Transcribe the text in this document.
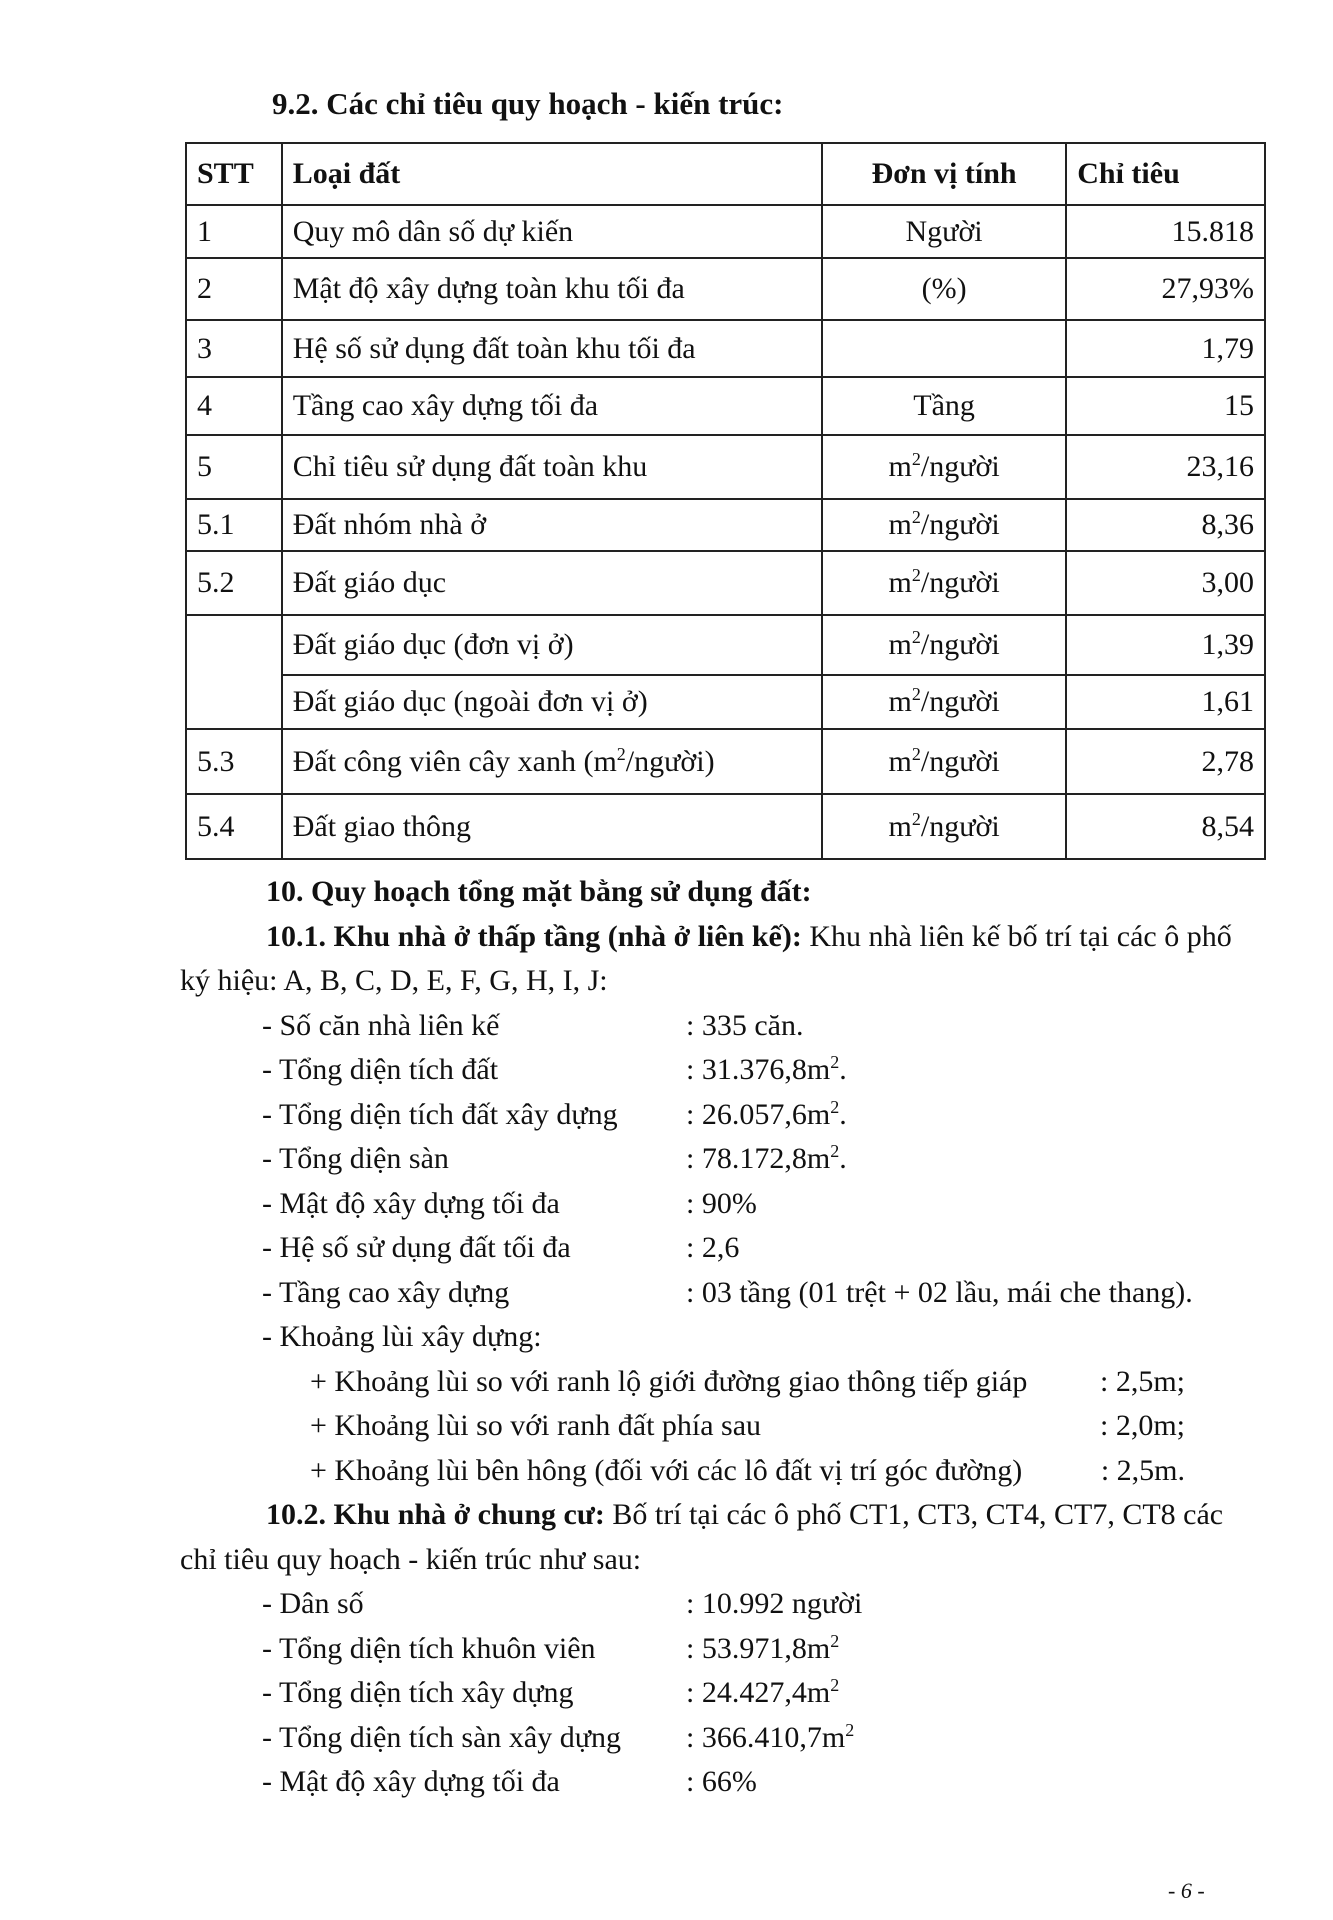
9.2. Các chỉ tiêu quy hoạch - kiến trúc:
STT	Loại đất	Đơn vị tính	Chỉ tiêu
1	Quy mô dân số dự kiến	Người	15.818
2	Mật độ xây dựng toàn khu tối đa	(%)	27,93%
3	Hệ số sử dụng đất toàn khu tối đa		1,79
4	Tầng cao xây dựng tối đa	Tầng	15
5	Chỉ tiêu sử dụng đất toàn khu	$m^2$/người	23,16
5.1	Đất nhóm nhà ở	$m^2$/người	8,36
5.2	Đất giáo dục	$m^2$/người	3,00
	Đất giáo dục (đơn vị ở)	$m^2$/người	1,39
	Đất giáo dục (ngoài đơn vị ở)	$m^2$/người	1,61
5.3	Đất công viên cây xanh $(m^2/người)$	$m^2$/người	2,78
5.4	Đất giao thông	$m^2$/người	8,54

10. Quy hoạch tổng mặt bằng sử dụng đất:

10.1. Khu nhà ở thấp tầng (nhà ở liên kế): Khu nhà liên kế bố trí tại các ô phố ký hiệu: A, B, C, D, E, F, G, H, I, J:

- Số căn nhà liên kế	: 335 căn.
- Tổng diện tích đất	: $31.376,8m^2$.
- Tổng diện tích đất xây dựng : $26.057,6m^2$.
- Tổng diện sàn	: $78.172,8m^2$.
- Mật độ xây dựng tối đa	: 90%
- Hệ số sử dụng đất tối đa	: 2,6
- Tầng cao xây dựng	: 03 tầng (01 trệt + 02 lầu, mái che thang).
- Khoảng lùi xây dựng:
+ Khoảng lùi so với ranh lộ giới đường giao thông tiếp giáp : 2,5m;
+ Khoảng lùi so với ranh đất phía sau	: 2,0m;
+ Khoảng lùi bên hông (đối với các lô đất vị trí góc đường)	: 2,5m.

10.2. Khu nhà ở chung cư: Bố trí tại các ô phố CT1, CT3, CT4, CT7, CT8 các chỉ tiêu quy hoạch - kiến trúc như sau:

- Dân số	: 10.992 người
- Tổng diện tích khuôn viên	: $53.971,8m^2$
- Tổng diện tích xây dựng	: $24.427,4m^2$
- Tổng diện tích sàn xây dựng : $366.410,7m^2$
- Mật độ xây dựng tối đa	: 66%
- 6 -
